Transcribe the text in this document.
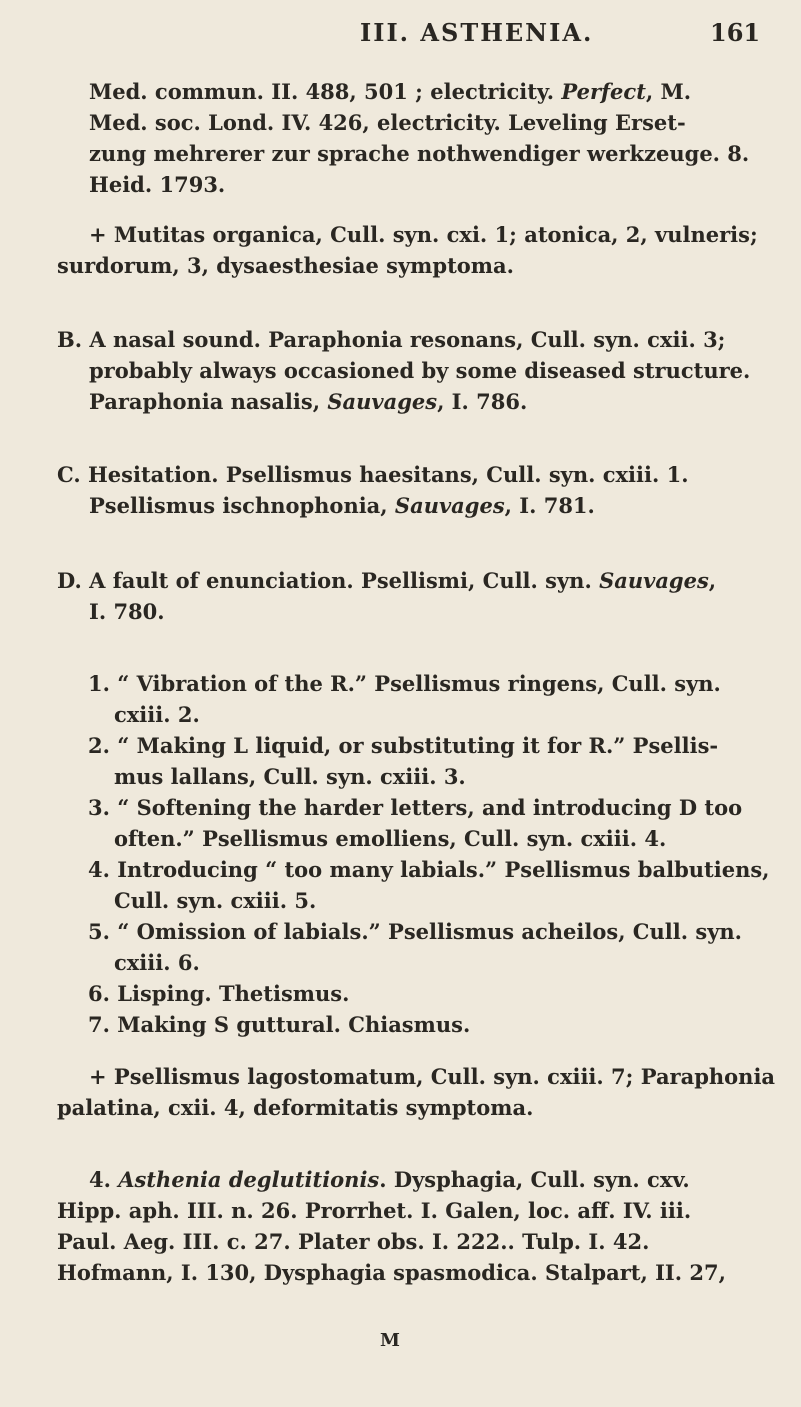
III. ASTHENIA.	161
Med. commun. II. 488, 501 ; electricity. Perfect, M.
Med. soc. Lond. IV. 426, electricity. Leveling Erset-
zung mehrerer zur sprache nothwendiger werkzeuge. 8.
Heid. 1793.
+ Mutitas organica, Cull. syn. cxi. 1; atonica, 2, vulneris;
surdorum, 3, dysaesthesiae symptoma.
B. A nasal sound. Paraphonia resonans, Cull. syn. cxii. 3;
probably always occasioned by some diseased structure.
Paraphonia nasalis, Sauvages, I. 786.
C. Hesitation. Psellismus haesitans, Cull. syn. cxiii. 1.
Psellismus ischnophonia, Sauvages, I. 781.
D. A fault of enunciation. Psellismi, Cull. syn. Sauvages,
I. 780.
1. “ Vibration of the R.” Psellismus ringens, Cull. syn.
cxiii. 2.
2. “ Making L liquid, or substituting it for R.” Psellis-
mus lallans, Cull. syn. cxiii. 3.
3. “ Softening the harder letters, and introducing D too
often.” Psellismus emolliens, Cull. syn. cxiii. 4.
4. Introducing “ too many labials.” Psellismus balbutiens,
Cull. syn. cxiii. 5.
5. “ Omission of labials.” Psellismus acheilos, Cull. syn.
cxiii. 6.
6. Lisping. Thetismus.
7. Making S guttural. Chiasmus.
+ Psellismus lagostomatum, Cull. syn. cxiii. 7; Paraphonia
palatina, cxii. 4, deformitatis symptoma.
4. Asthenia deglutitionis. Dysphagia, Cull. syn. cxv.
Hipp. aph. III. n. 26. Prorrhet. I. Galen, loc. aff. IV. iii.
Paul. Aeg. III. c. 27. Plater obs. I. 222.. Tulp. I. 42.
Hofmann, I. 130, Dysphagia spasmodica. Stalpart, II. 27,
M
